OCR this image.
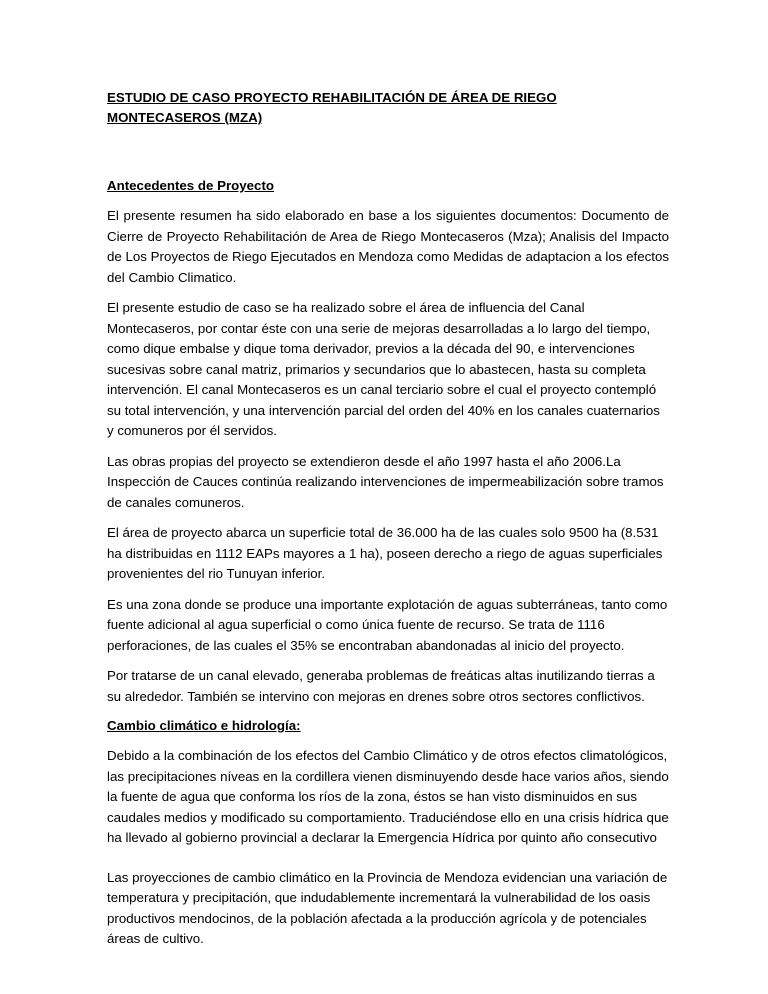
ESTUDIO DE CASO PROYECTO REHABILITACIÓN DE ÁREA DE RIEGO MONTECASEROS (MZA)
Antecedentes de Proyecto
El presente resumen ha sido elaborado en base a los siguientes documentos: Documento de Cierre de Proyecto Rehabilitación de Area de Riego Montecaseros (Mza); Analisis del Impacto de Los Proyectos de Riego Ejecutados en Mendoza como Medidas de adaptacion a los efectos del Cambio Climatico.
El presente estudio de caso se ha realizado sobre el área de influencia del Canal Montecaseros, por contar éste con una serie de mejoras desarrolladas a lo largo del tiempo, como dique embalse y dique toma derivador, previos a la década del 90, e intervenciones sucesivas sobre canal matriz, primarios y secundarios que lo abastecen, hasta su completa intervención. El canal Montecaseros es un canal terciario sobre el cual el proyecto contempló su total intervención, y una intervención parcial del orden del 40% en los canales cuaternarios y comuneros por él servidos.
Las obras propias del proyecto se extendieron desde el año 1997 hasta el año 2006.La Inspección de Cauces continúa realizando intervenciones de impermeabilización sobre tramos de canales comuneros.
El área de proyecto abarca un superficie total de 36.000 ha de las cuales solo 9500 ha (8.531 ha distribuidas en 1112 EAPs mayores a 1 ha), poseen derecho a riego de aguas superficiales provenientes del rio Tunuyan inferior.
Es una zona donde se produce una importante explotación de aguas subterráneas, tanto como fuente adicional al agua superficial o como única fuente de recurso. Se trata de 1116 perforaciones, de las cuales el 35% se encontraban abandonadas al inicio del proyecto.
Por tratarse de un canal elevado, generaba problemas de freáticas altas inutilizando tierras a su alrededor. También se intervino con mejoras en drenes sobre otros sectores conflictivos.
Cambio climático e hidrología:
Debido a la combinación de los efectos del Cambio Climático y de otros efectos climatológicos, las precipitaciones níveas en la cordillera vienen disminuyendo desde hace varios años, siendo la fuente de agua que conforma los ríos de la zona, éstos se han visto disminuidos en sus caudales medios y modificado su comportamiento. Traduciéndose ello en una crisis hídrica que ha llevado al gobierno provincial a declarar la Emergencia Hídrica por quinto año consecutivo
Las proyecciones de cambio climático en la Provincia de Mendoza evidencian una variación de temperatura y precipitación, que indudablemente incrementará la vulnerabilidad de los oasis productivos mendocinos, de la población afectada a la producción agrícola y de potenciales áreas de cultivo.
